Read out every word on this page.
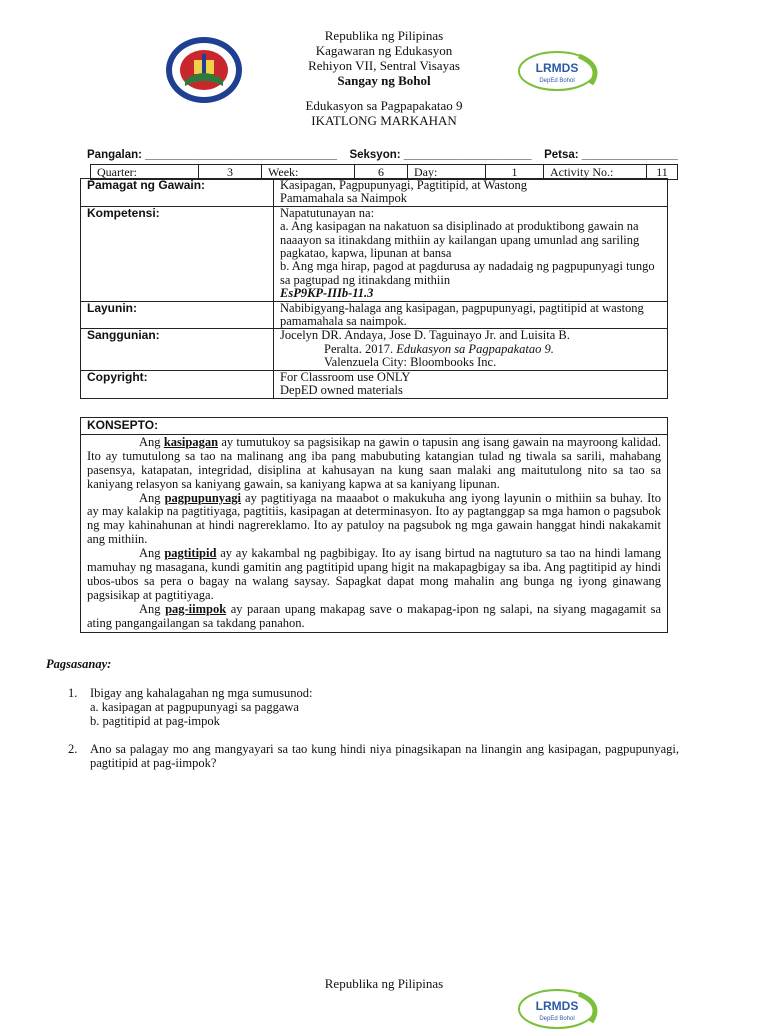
Republika ng Pilipinas
Kagawaran ng Edukasyon
Rehiyon VII, Sentral Visayas
Sangay ng Bohol
Edukasyon sa Pagpapakatao 9
IKATLONG MARKAHAN
LRMDS
DepEd Bohol
Pangalan: ______________________________ Seksyon: ____________________ Petsa: _______________
Quarter:	3	Week:	6	Day:	1	Activity No.:	11
Pamagat ng Gawain:	Kasipagan, Pagpupunyagi, Pagtitipid, at Wastong
Pamamahala sa Naimpok

Kompetensi:	Napatutunayan na:
a. Ang kasipagan na nakatuon sa disiplinado at produktibong gawain na naaayon sa itinakdang mithiin ay kailangan upang umunlad ang sariling pagkatao, kapwa, lipunan at bansa
b. Ang mga hirap, pagod at pagdurusa ay nadadaig ng pagpupunyagi tungo sa pagtupad ng itinakdang mithiin
EsP9KP-IIIb-11.3

Layunin:	Nabibigyang-halaga ang kasipagan, pagpupunyagi, pagtitipid at wastong pamamahala sa naimpok.
Sanggunian:	Jocelyn DR. Andaya, Jose D. Taguinayo Jr. and Luisita B.
Peralta. 2017. Edukasyon sa Pagpapakatao 9.
Valenzuela City: Bloombooks Inc.

Copyright:	For Classroom use ONLY
DepED owned materials
KONSEPTO:

Ang kasipagan ay tumutukoy sa pagsisikap na gawin o tapusin ang isang gawain na mayroong kalidad. Ito ay tumutulong sa tao na malinang ang iba pang mabubuting katangian tulad ng tiwala sa sarili, mahabang pasensya, katapatan, integridad, disiplina at kahusayan na kung saan malaki ang maitutulong nito sa tao sa kaniyang relasyon sa kaniyang gawain, sa kaniyang kapwa at sa kaniyang lipunan.
Ang pagpupunyagi ay pagtitiyaga na maaabot o makukuha ang iyong layunin o mithiin sa buhay. Ito ay may kalakip na pagtitiyaga, pagtitiis, kasipagan at determinasyon. Ito ay pagtanggap sa mga hamon o pagsubok ng may kahinahunan at hindi nagrereklamo. Ito ay patuloy na pagsubok ng mga gawain hanggat hindi nakakamit ang mithiin.
Ang pagtitipid ay ay kakambal ng pagbibigay. Ito ay isang birtud na nagtuturo sa tao na hindi lamang mamuhay ng masagana, kundi gamitin ang pagtitipid upang higit na makapagbigay sa iba. Ang pagtitipid ay hindi ubos-ubos sa pera o bagay na walang saysay. Sapagkat dapat mong mahalin ang bunga ng iyong ginawang pagsisikap at pagtitiyaga.
Ang pag-iimpok ay paraan upang makapag save o makapag-ipon ng salapi, na siyang magagamit sa ating pangangailangan sa takdang panahon.
Pagsasanay:
1. Ibigay ang kahalagahan ng mga sumusunod:
a. kasipagan at pagpupunyagi sa paggawa
b. pagtitipid at pag-impok
2. Ano sa palagay mo ang mangyayari sa tao kung hindi niya pinagsikapan na linangin ang kasipagan, pagpupunyagi, pagtitipid at pag-iimpok?
Republika ng Pilipinas
LRMDS
DepEd Bohol
